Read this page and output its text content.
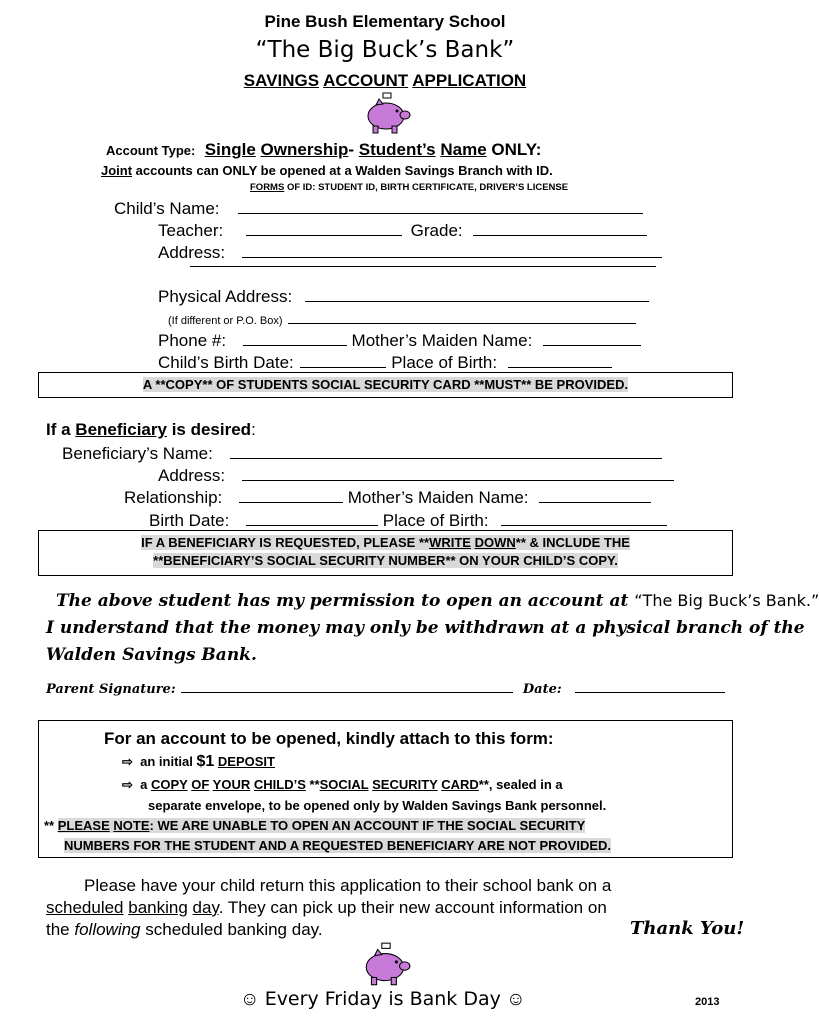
Pine Bush Elementary School
“The Big Buck’s Bank”
SAVINGS ACCOUNT APPLICATION
Account Type: Single Ownership- Student’s Name ONLY:
Joint accounts can ONLY be opened at a Walden Savings Branch with ID.
FORMS OF ID: STUDENT ID, BIRTH CERTIFICATE, DRIVER’S LICENSE
Child’s Name:
Teacher:	Grade:
Address:
Physical Address:
(If different or P.O. Box)
Phone #:	Mother’s Maiden Name:
Child’s Birth Date:	Place of Birth:
A **COPY** OF STUDENTS SOCIAL SECURITY CARD **MUST** BE PROVIDED.
If a Beneficiary is desired:
Beneficiary’s Name:
Address:
Relationship:	Mother’s Maiden Name:
Birth Date:	Place of Birth:
IF A BENEFICIARY IS REQUESTED, PLEASE **WRITE DOWN** & INCLUDE THE
**BENEFICIARY’S SOCIAL SECURITY NUMBER** ON YOUR CHILD’S COPY.
The above student has my permission to open an account at “The Big Buck’s Bank.”
I understand that the money may only be withdrawn at a physical branch of the
Walden Savings Bank.
Parent Signature:	Date:
For an account to be opened, kindly attach to this form:
⇨ an initial $1 DEPOSIT
⇨ a COPY OF YOUR CHILD’S **SOCIAL SECURITY CARD**, sealed in a
separate envelope, to be opened only by Walden Savings Bank personnel.
** PLEASE NOTE: WE ARE UNABLE TO OPEN AN ACCOUNT IF THE SOCIAL SECURITY
NUMBERS FOR THE STUDENT AND A REQUESTED BENEFICIARY ARE NOT PROVIDED.
Please have your child return this application to their school bank on a
scheduled banking day. They can pick up their new account information on
the following scheduled banking day.	Thank You!
☺ Every Friday is Bank Day ☺	2013
